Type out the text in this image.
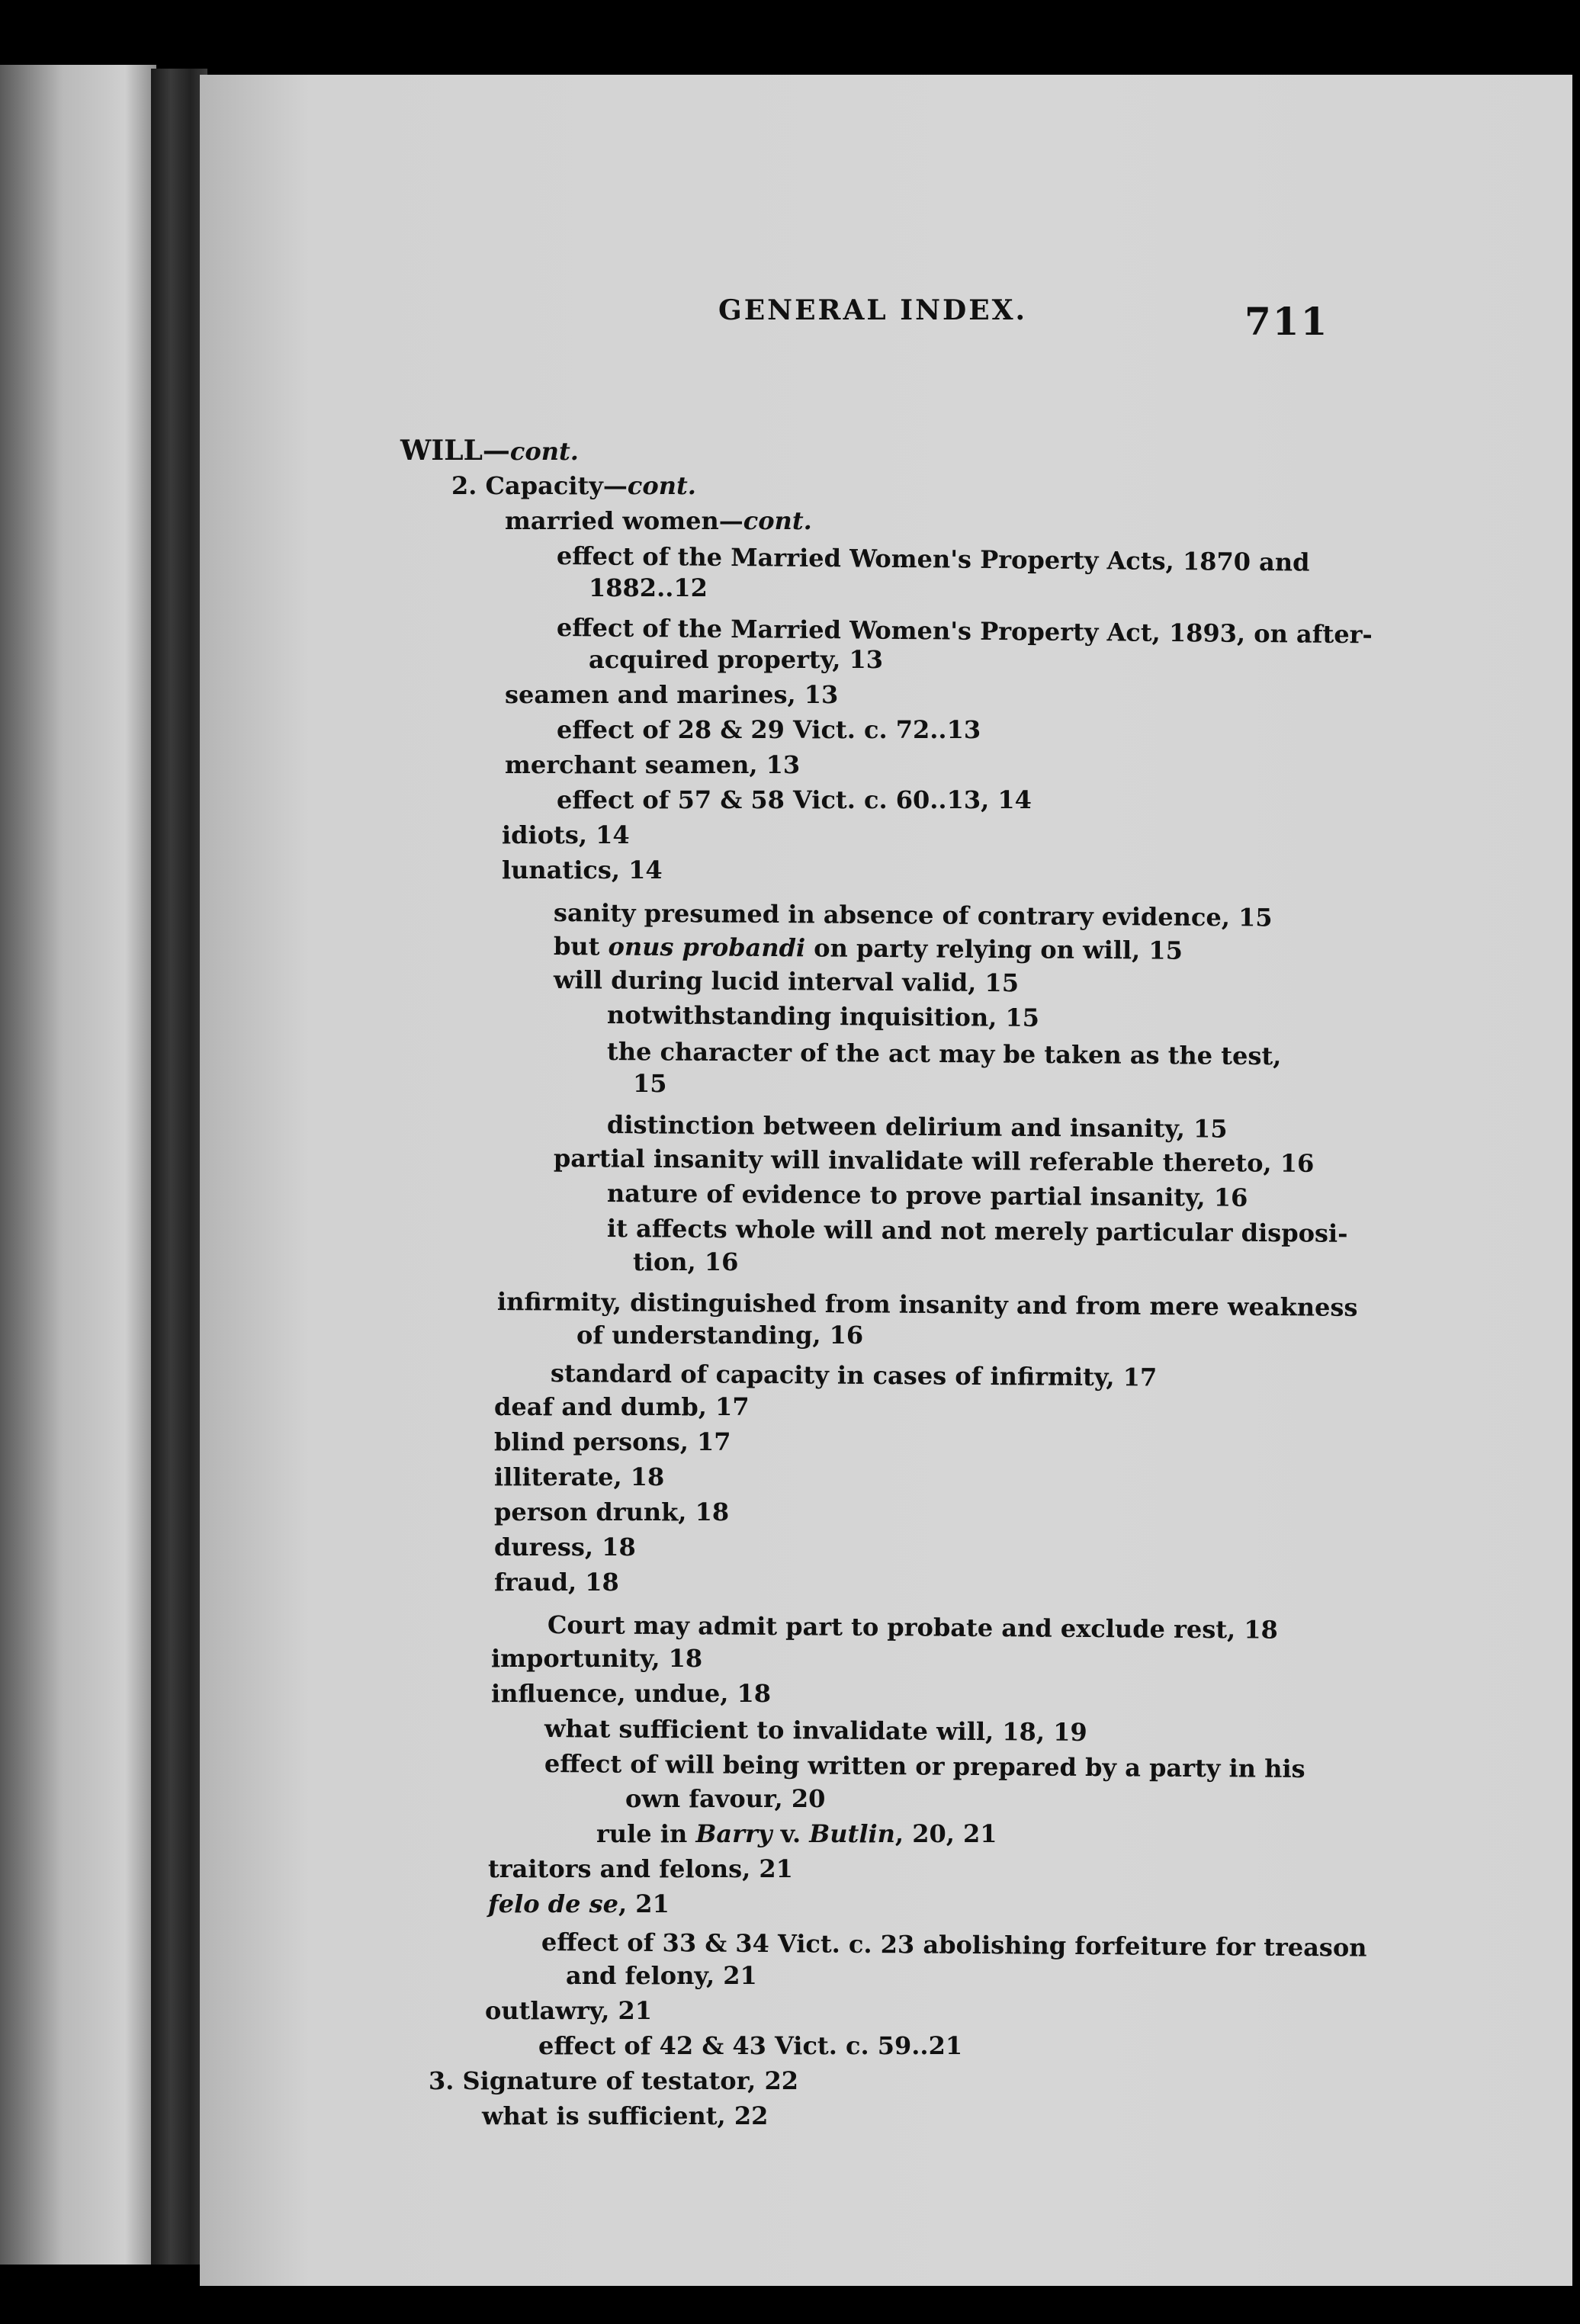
GENERAL INDEX.	711
WILL—cont.
2. Capacity—cont.
married women—cont.
effect of the Married Women's Property Acts, 1870 and
1882..12
effect of the Married Women's Property Act, 1893, on after-
acquired property, 13
seamen and marines, 13
effect of 28 & 29 Vict. c. 72..13
merchant seamen, 13
effect of 57 & 58 Vict. c. 60..13, 14
idiots, 14
lunatics, 14
sanity presumed in absence of contrary evidence, 15
but onus probandi on party relying on will, 15
will during lucid interval valid, 15
notwithstanding inquisition, 15
the character of the act may be taken as the test,
15
distinction between delirium and insanity, 15
partial insanity will invalidate will referable thereto, 16
nature of evidence to prove partial insanity, 16
it affects whole will and not merely particular disposi-
tion, 16
infirmity, distinguished from insanity and from mere weakness
of understanding, 16
standard of capacity in cases of infirmity, 17
deaf and dumb, 17
blind persons, 17
illiterate, 18
person drunk, 18
duress, 18
fraud, 18
Court may admit part to probate and exclude rest, 18
importunity, 18
influence, undue, 18
what sufficient to invalidate will, 18, 19
effect of will being written or prepared by a party in his
own favour, 20
rule in Barry v. Butlin, 20, 21
traitors and felons, 21
felo de se, 21
effect of 33 & 34 Vict. c. 23 abolishing forfeiture for treason
and felony, 21
outlawry, 21
effect of 42 & 43 Vict. c. 59..21
3. Signature of testator, 22
what is sufficient, 22
